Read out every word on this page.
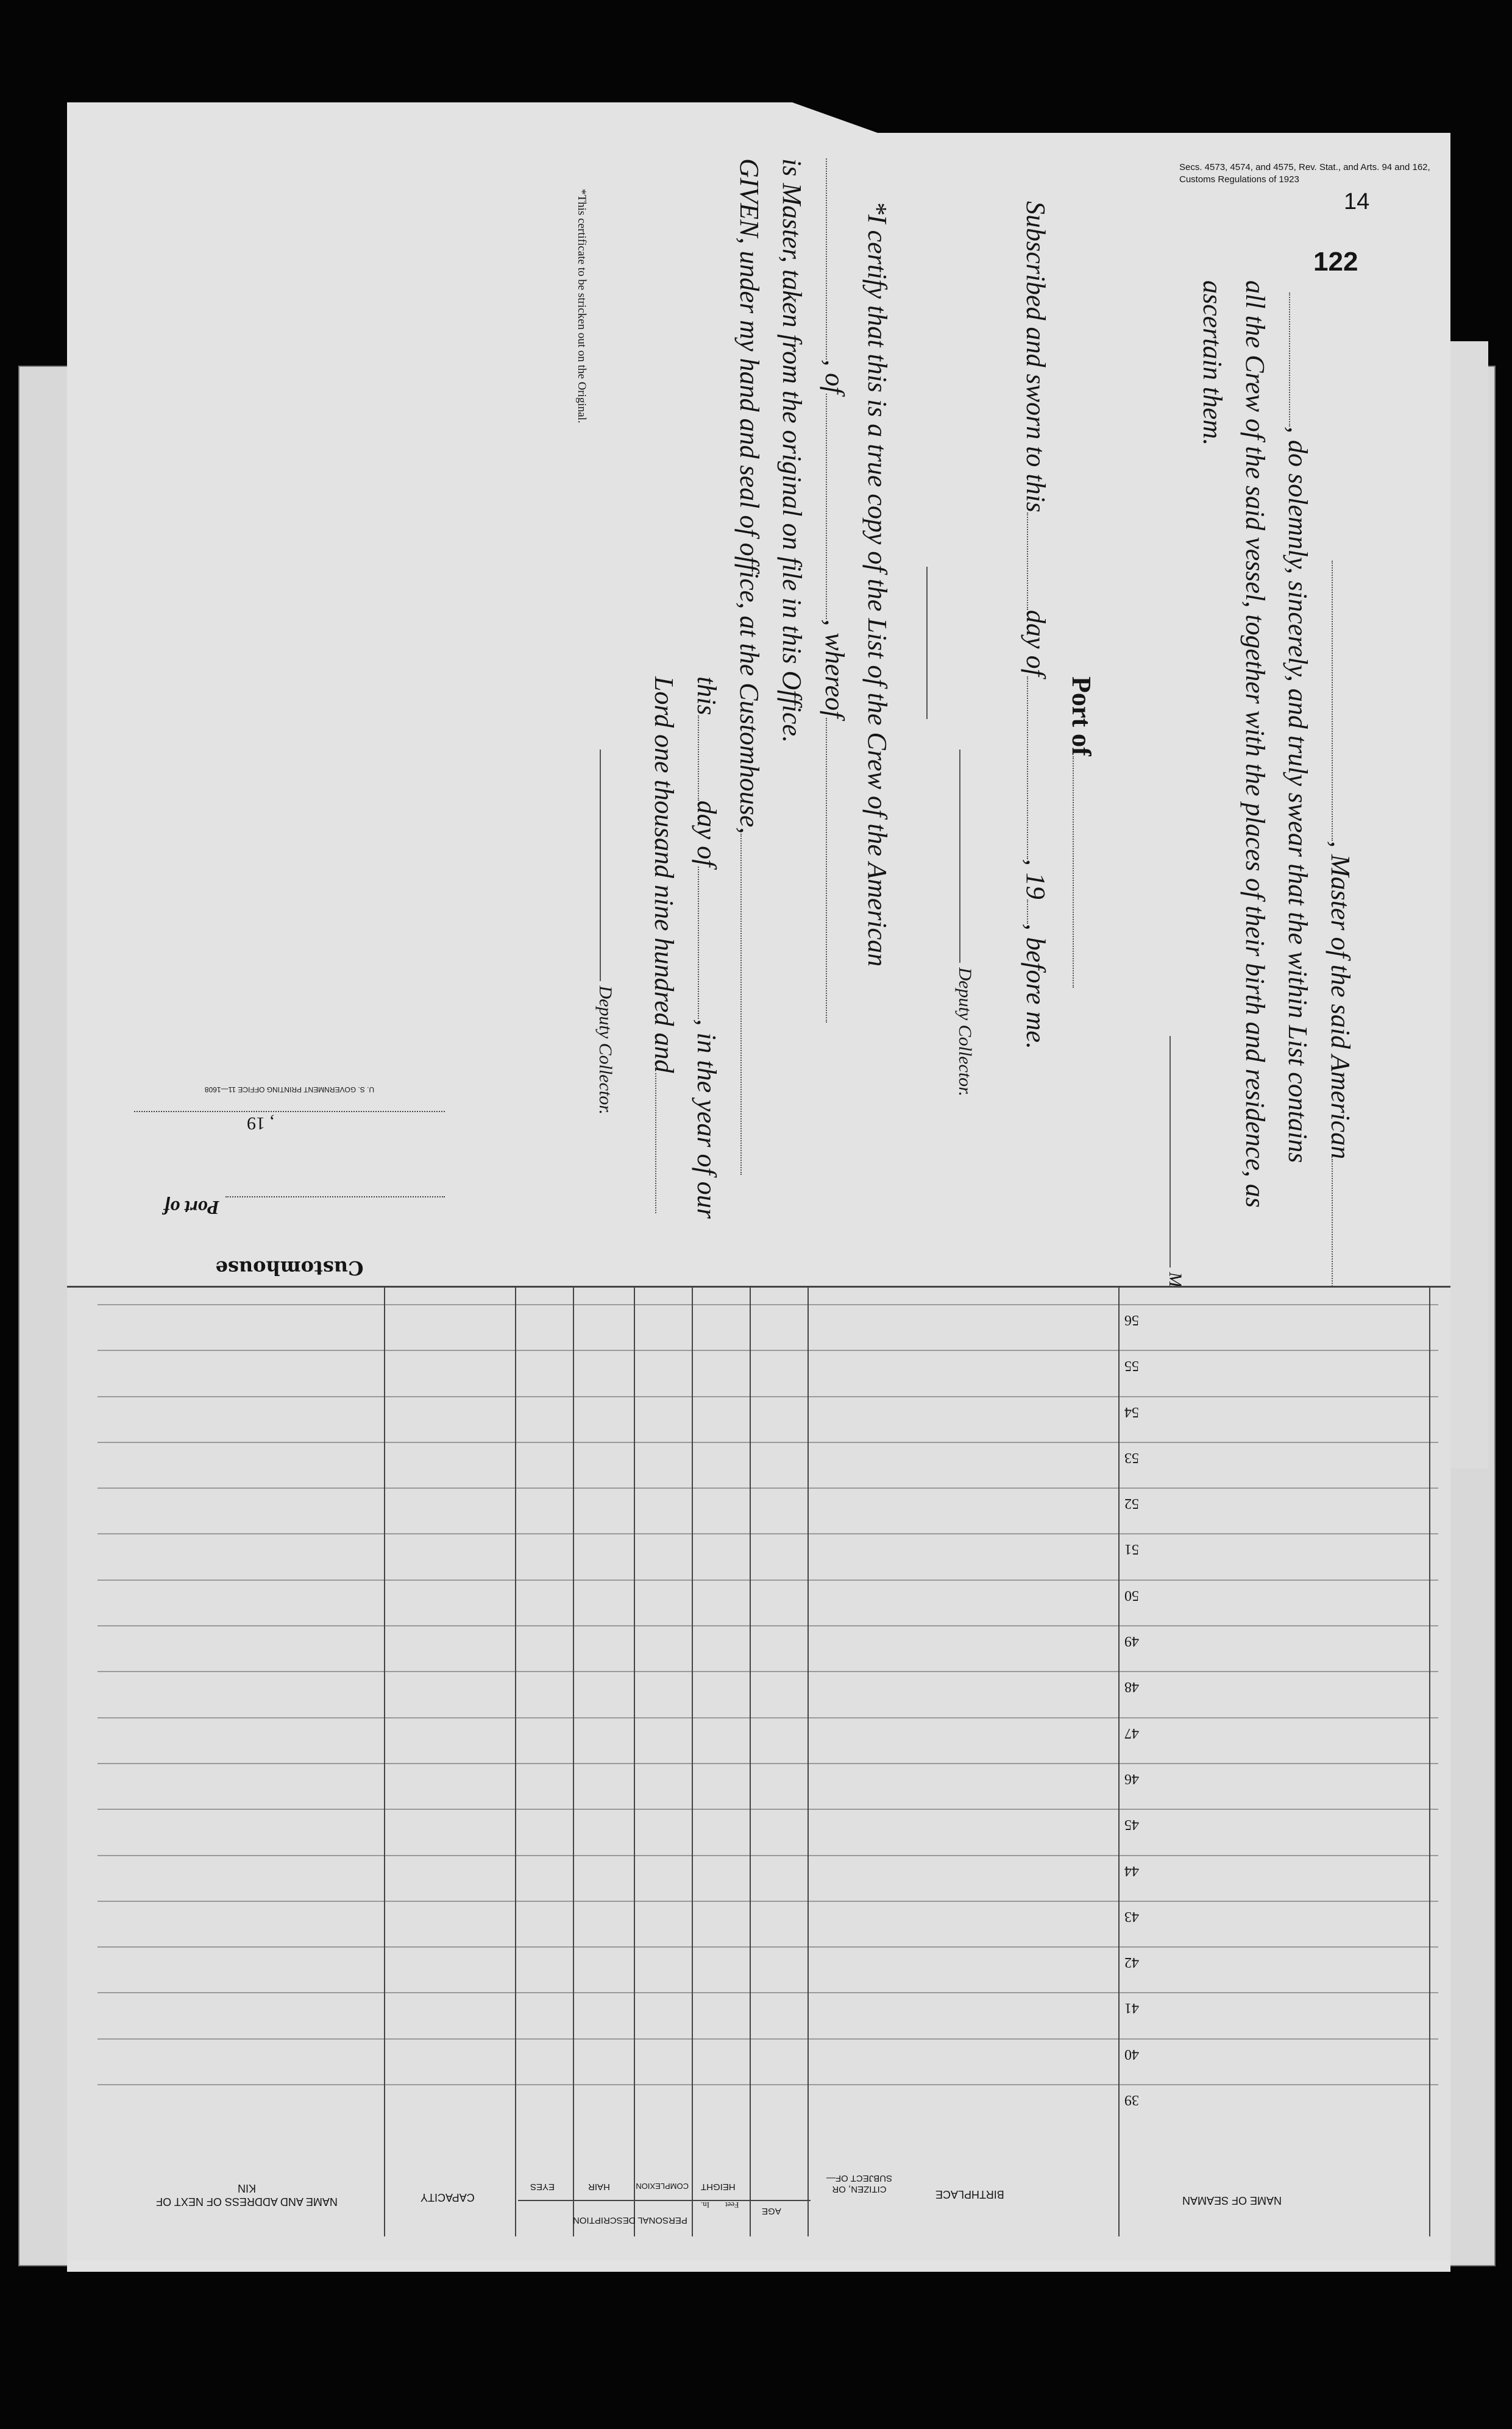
Secs. 4573, 4574, and 4575, Rev. Stat., and Arts. 94 and 162, Customs Regulations of 1923
14
122
, Master of the said American
, do solemnly, sincerely, and truly swear that the within List contains
all the Crew of the said vessel, together with the places of their birth and residence, as
ascertain them.
Port of
Subscribed and sworn to thisday of, 19, before me.
Deputy Collector.
*I certify that this is a true copy of the List of the Crew of the American
, of, whereof
is Master, taken from the original on file in this Office.
GIVEN, under my hand and seal of office, at the Customhouse,
thisday of, in the year of our
Lord one thousand nine hundred and
Deputy Collector.
*This certificate to be stricken out on the Original.
Customhouse
Port of
, 19
U. S. GOVERNMENT PRINTING OFFICE 11—1608
NAME OF SEAMAN
BIRTHPLACE
CITIZEN, OR SUBJECT OF—
AGE
HEIGHT
Feet
In.
COMPLEXION
HAIR
EYES
CAPACITY
NAME AND ADDRESS OF NEXT OF KIN
PERSONAL DESCRIPTION
39
40
41
42
43
44
45
46
47
48
49
50
51
52
53
54
55
56
